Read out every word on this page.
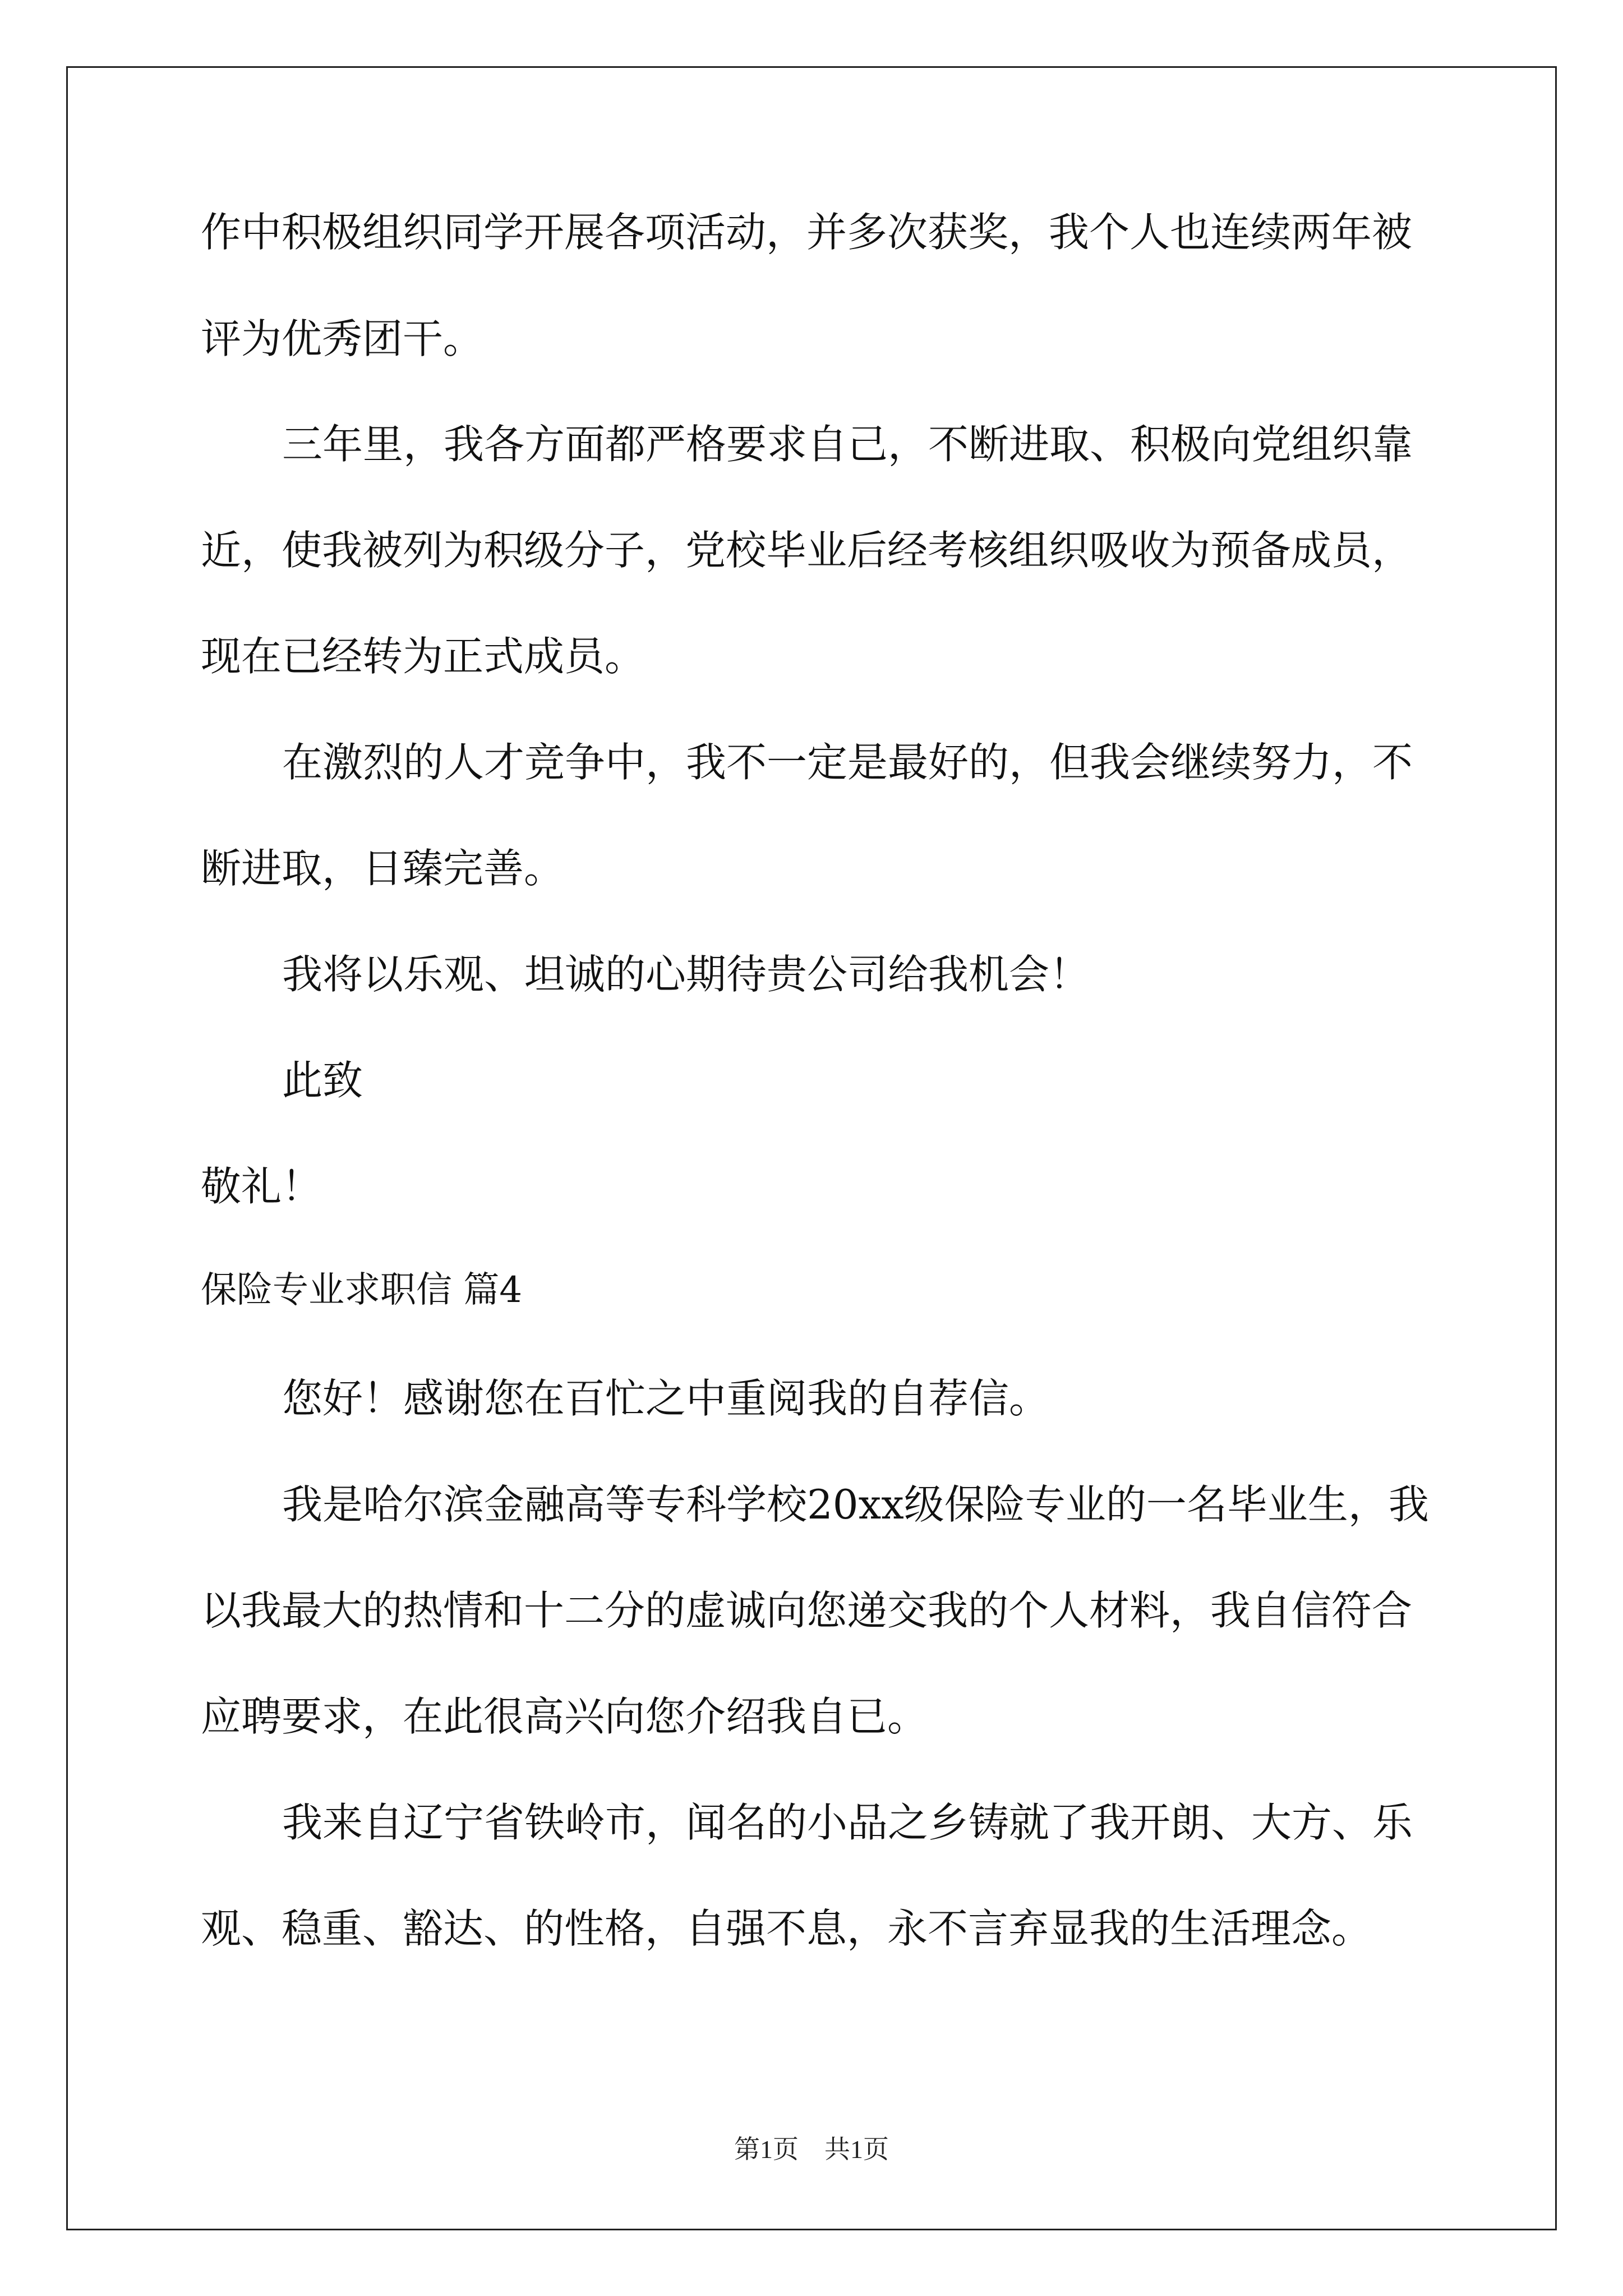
作中积极组织同学开展各项活动，并多次获奖，我个人也连续两年被
评为优秀团干。
三年里，我各方面都严格要求自己，不断进取、积极向党组织靠
近，使我被列为积级分子，党校毕业后经考核组织吸收为预备成员，
现在已经转为正式成员。
在激烈的人才竞争中，我不一定是最好的，但我会继续努力，不
断进取，日臻完善。
我将以乐观、坦诚的心期待贵公司给我机会！
此致
敬礼！
保险专业求职信 篇4
您好！感谢您在百忙之中重阅我的自荐信。
我是哈尔滨金融高等专科学校20xx级保险专业的一名毕业生，我
以我最大的热情和十二分的虚诚向您递交我的个人材料，我自信符合
应聘要求，在此很高兴向您介绍我自已。
我来自辽宁省铁岭市，闻名的小品之乡铸就了我开朗、大方、乐
观、稳重、豁达、的性格，自强不息，永不言弃显我的生活理念。
第1页　共1页
